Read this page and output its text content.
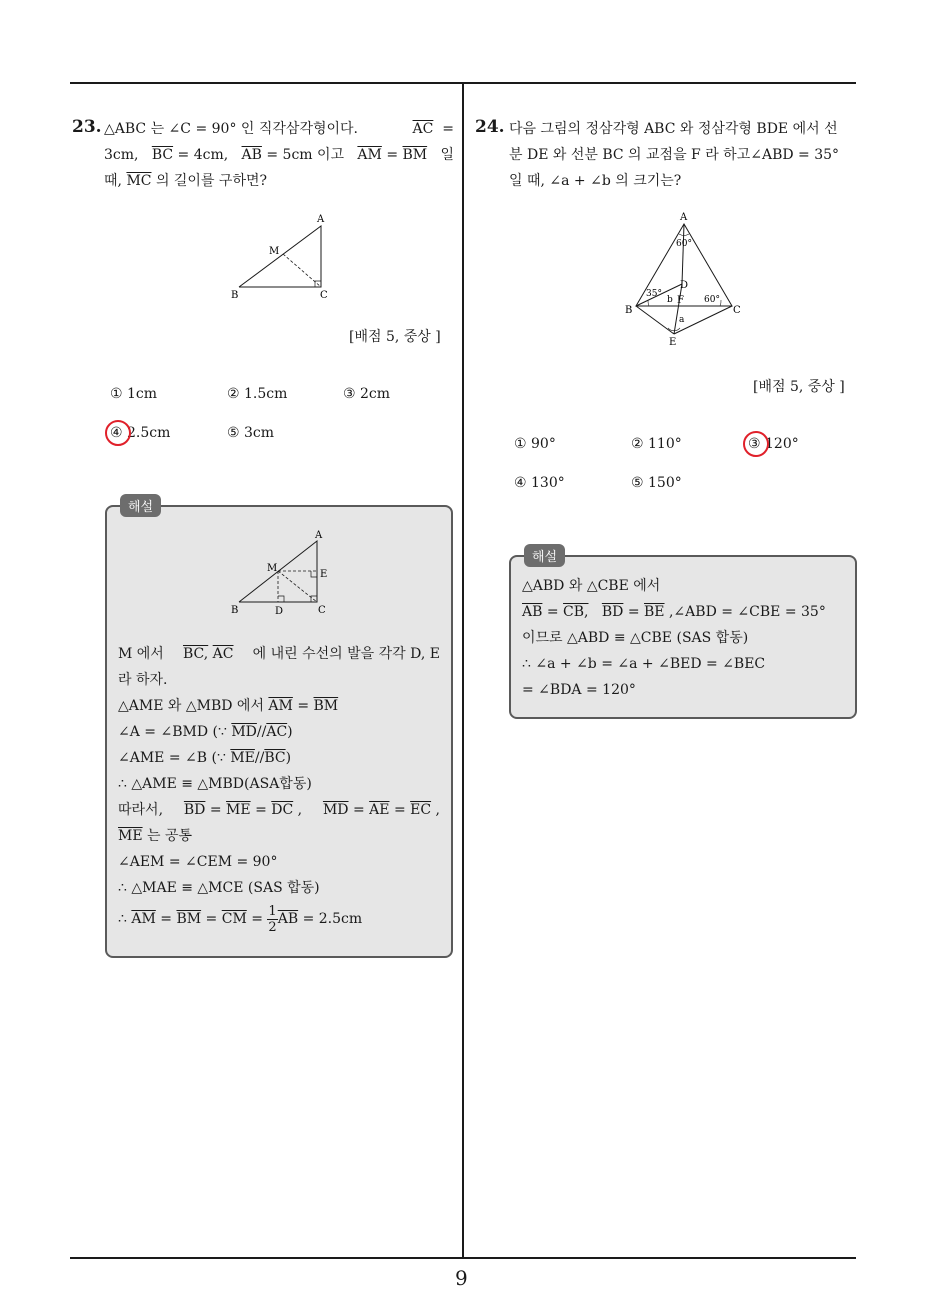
9
23. △ABC 는 ∠C = 90° 인 직각삼각형이다.	$\overline{AC}$ =
3cm, $\overline{BC} = 4cm$, $\overline{AB} = 5cm$ 이고 $\overline{AM} = \overline{BM}$ 일
때, $\overline{MC}$ 의 길이를 구하면?
A
M
B	C
[배점 5, 중상 ]
① 1cm	② 1.5cm	③ 2cm
④ 2.5cm	⑤ 3cm
해설
A
M
E
B	D	C
M 에서 BC, $\overline{AC}$ 에 내린 수선의 발을 각각 D, E
라 하자.
△AME 와 △MBD 에서 $\overline{AM} = \overline{BM}$
∠A = ∠BMD (∵ $\overline{MD}//\overline{AC}$)
∠AME = ∠B (∵ $\overline{ME}//\overline{BC}$)
∴ △AME ≡ △MBD(ASA합동)
따라서, $\overline{BD} = \overline{ME} = \overline{DC}$ , $\overline{MD} = \overline{AE} = \overline{EC}$ ,
$\overline{ME}$ 는 공통
∠AEM = ∠CEM = 90°
∴ △MAE ≡ △MCE (SAS 합동)
∴
$\overline{AM}$
=
$\overline{BM}$
=
$\overline{CM}$
=
$\frac{1}{2} \overline{AB}$
= 2.5cm
24. 다음 그림의 정삼각형 ABC 와 정삼각형 BDE 에서 선
분 DE 와 선분 BC 의 교점을 F 라 하고∠ABD = 35°
일 때, ∠a + ∠b 의 크기는?
A
60°
D
35°
b F 60°
B	C
a
E
[배점 5, 중상 ]
① 90°	② 110°	③ 120°
④ 130°	⑤ 150°
해설
△ABD 와 △CBE 에서
$\overline{AB}$ = CB, $\overline{BD} = \overline{BE}$ ,∠ABD = ∠CBE = 35°
이므로 △ABD ≡ △CBE (SAS 합동)
∴ ∠a + ∠b = ∠a + ∠BED = ∠BEC
= ∠BDA = 120°
